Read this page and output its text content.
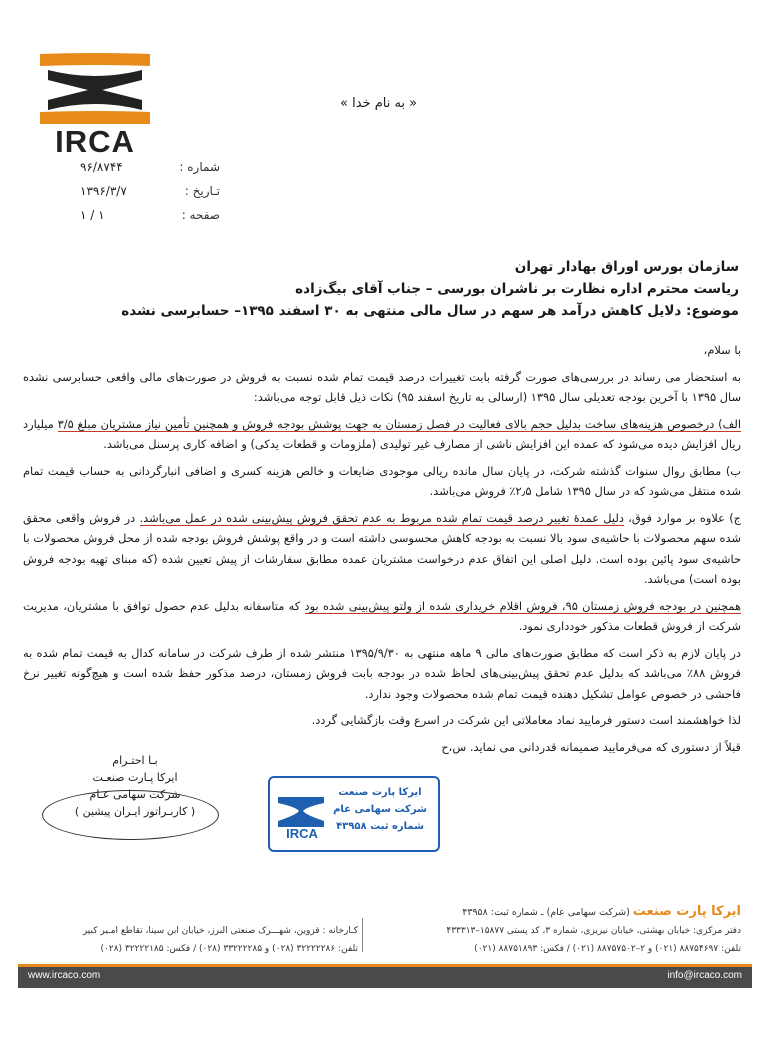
IRCA
« به نام خدا »
شماره :
۹۶/۸۷۴۴
تـاریخ :
۱۳۹۶/۳/۷
صفحه :
۱ / ۱
سازمان بورس اوراق بهادار تهران
ریاست محترم اداره نظارت بر ناشران بورسی – جناب آقای بیگ‌زاده
موضوع: دلایل کاهش درآمد هر سهم در سال مالی منتهی به ۳۰ اسفند ۱۳۹۵– حسابرسی نشده

با سلام،

به استحضار می رساند در بررسی‌های صورت گرفته بابت تغییرات درصد قیمت تمام شده نسبت به فروش در صورت‌های مالی واقعی حسابرسی نشده سال ۱۳۹۵ با آخرین بودجه تعدیلی سال ۱۳۹۵ (ارسالی به تاریخ اسفند ۹۵) نکات ذیل قابل توجه می‌باشد:

الف) درخصوص هزینه‌های ساخت بدلیل حجم بالای فعالیت در فصل زمستان به جهت پوشش بودجه فروش و همچنین تأمین نیاز مشتریان مبلغ ۳/۵ میلیارد ریال افزایش دیده می‌شود که عمده این افزایش ناشی از مصارف غیر تولیدی (ملزومات و قطعات یدکی) و اضافه کاری پرسنل می‌باشد.

ب) مطابق روال سنوات گذشته شرکت، در پایان سال مانده ریالی موجودی ضایعات و خالص هزینه کسری و اضافی انبارگردانی به حساب قیمت تمام شده منتقل می‌شود که در سال ۱۳۹۵ شامل ۲٫۵٪ فروش می‌باشد.

ج) علاوه بر موارد فوق، دلیل عمدهٔ تغییر درصد قیمت تمام شده مربوط به عدم تحقق فروش پیش‌بینی شده در عمل می‌باشد. در فروش واقعی محقق شده سهم محصولات با حاشیه‌ی سود بالا نسبت به بودجه کاهش محسوسی داشته است و در واقع پوشش فروش بودجه شده از محل فروش محصولات با حاشیه‌ی سود پائین بوده است. دلیل اصلی این اتفاق عدم درخواست مشتریان عمده مطابق سفارشات از پیش تعیین شده (که مبنای تهیه بودجه فروش بوده است) می‌باشد.

همچنین در بودجه فروش زمستان ۹۵، فروش اقلام خریداری شده از ولتو پیش‌بینی شده بود که متاسفانه بدلیل عدم حصول توافق با مشتریان، مدیریت شرکت از فروش قطعات مذکور خودداری نمود.

در پایان لازم به ذکر است که مطابق صورت‌های مالی ۹ ماهه منتهی به ۱۳۹۵/۹/۳۰ منتشر شده از طرف شرکت در سامانه کدال به قیمت تمام شده به فروش ۸۸٪ می‌باشد که بدلیل عدم تحقق پیش‌بینی‌های لحاظ شده در بودجه بابت فروش زمستان، درصد مذکور حفظ شده است و هیچ‌گونه تغییر نرخ فاحشی در خصوص عوامل تشکیل دهنده قیمت تمام شده محصولات وجود ندارد.

لذا خواهشمند است دستور فرمایید نماد معاملاتی این شرکت در اسرع وقت بازگشایی گردد.

قبلاً از دستوری که می‌فرمایید صمیمانه قدردانی می نماید. س،ح

بـا احتـرام
ایرکا پـارت صنعـت
شرکت سهامی عـام
( کاربـراتور ایـران پیشین )
IRCA
ایرکا پارت صنعت
شرکت سهامی عام
شماره ثبت ۴۳۹۵۸
ایرکا پارت صنعت (شرکت سهامی عام) ـ شماره ثبت: ۴۳۹۵۸
دفتر مرکزی: خیابان بهشتی، خیابان نیریزی، شماره ۳، کد پستی ۱۵۸۷۷–۴۳۳۳۱۳
تلفن: ۸۸۷۵۴۶۹۷ (۰۲۱) و ۲–۸۸۷۵۷۵۰۲ (۰۲۱) / فکس: ۸۸۷۵۱۸۹۳ (۰۲۱)
کـارخانه : قزوین، شهـــرک صنعتی البرز، خیابان ابن سینا، تقاطع امـیر کبیر
تلفن: ۳۲۲۲۲۲۸۶ (۰۲۸) و ۳۳۲۲۲۲۸۵ (۰۲۸) / فکس: ۳۲۲۲۲۱۸۵ (۰۲۸)
www.ircaco.com	info@ircaco.com
